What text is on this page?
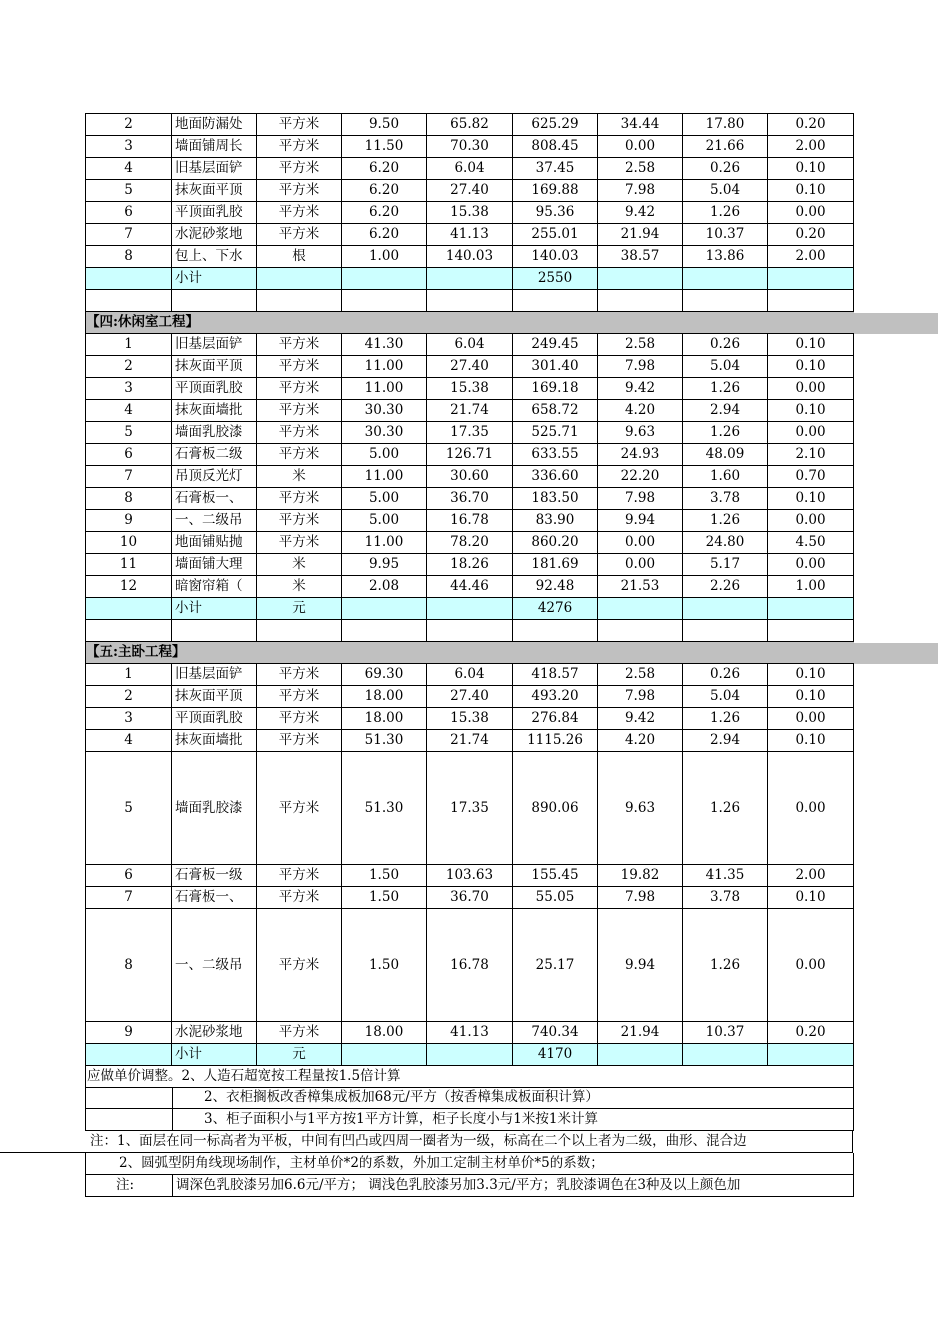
2	地面防漏处	平方米	9.50	65.82	625.29	34.44	17.80	0.20
3	墙面铺周长	平方米	11.50	70.30	808.45	0.00	21.66	2.00
4	旧基层面铲	平方米	6.20	6.04	37.45	2.58	0.26	0.10
5	抹灰面平顶	平方米	6.20	27.40	169.88	7.98	5.04	0.10
6	平顶面乳胶	平方米	6.20	15.38	95.36	9.42	1.26	0.00
7	水泥砂浆地	平方米	6.20	41.13	255.01	21.94	10.37	0.20
8	包上、下水	根	1.00	140.03	140.03	38.57	13.86	2.00
	小计				2550			

【四:休闲室工程】								
1	旧基层面铲	平方米	41.30	6.04	249.45	2.58	0.26	0.10
2	抹灰面平顶	平方米	11.00	27.40	301.40	7.98	5.04	0.10
3	平顶面乳胶	平方米	11.00	15.38	169.18	9.42	1.26	0.00
4	抹灰面墙批	平方米	30.30	21.74	658.72	4.20	2.94	0.10
5	墙面乳胶漆	平方米	30.30	17.35	525.71	9.63	1.26	0.00
6	石膏板二级	平方米	5.00	126.71	633.55	24.93	48.09	2.10
7	吊顶反光灯	米	11.00	30.60	336.60	22.20	1.60	0.70
8	石膏板一、	平方米	5.00	36.70	183.50	7.98	3.78	0.10
9	一、二级吊	平方米	5.00	16.78	83.90	9.94	1.26	0.00
10	地面铺贴抛	平方米	11.00	78.20	860.20	0.00	24.80	4.50
11	墙面铺大理	米	9.95	18.26	181.69	0.00	5.17	0.00
12	暗窗帘箱（	米	2.08	44.46	92.48	21.53	2.26	1.00
	小计	元			4276			

【五:主卧工程】								
1	旧基层面铲	平方米	69.30	6.04	418.57	2.58	0.26	0.10
2	抹灰面平顶	平方米	18.00	27.40	493.20	7.98	5.04	0.10
3	平顶面乳胶	平方米	18.00	15.38	276.84	9.42	1.26	0.00
4	抹灰面墙批	平方米	51.30	21.74	1115.26	4.20	2.94	0.10
5	墙面乳胶漆	平方米	51.30	17.35	890.06	9.63	1.26	0.00
6	石膏板一级	平方米	1.50	103.63	155.45	19.82	41.35	2.00
7	石膏板一、	平方米	1.50	36.70	55.05	7.98	3.78	0.10
8	一、二级吊	平方米	1.50	16.78	25.17	9.94	1.26	0.00
9	水泥砂浆地	平方米	18.00	41.13	740.34	21.94	10.37	0.20
	小计	元			4170			
应做单价调整。2、人造石超宽按工程量按1.5倍计算
2、衣柜搁板改香樟集成板加68元/平方（按香樟集成板面积计算）
3、柜子面积小与1平方按1平方计算，柜子长度小与1米按1米计算
注：1、面层在同一标高者为平板，中间有凹凸或四周一圈者为一级，标高在二个以上者为二级，曲形、混合边
2、圆弧型阴角线现场制作，主材单价*2的系数，外加工定制主材单价*5的系数；
注:	调深色乳胶漆另加6.6元/平方； 调浅色乳胶漆另加3.3元/平方；乳胶漆调色在3种及以上颜色加
